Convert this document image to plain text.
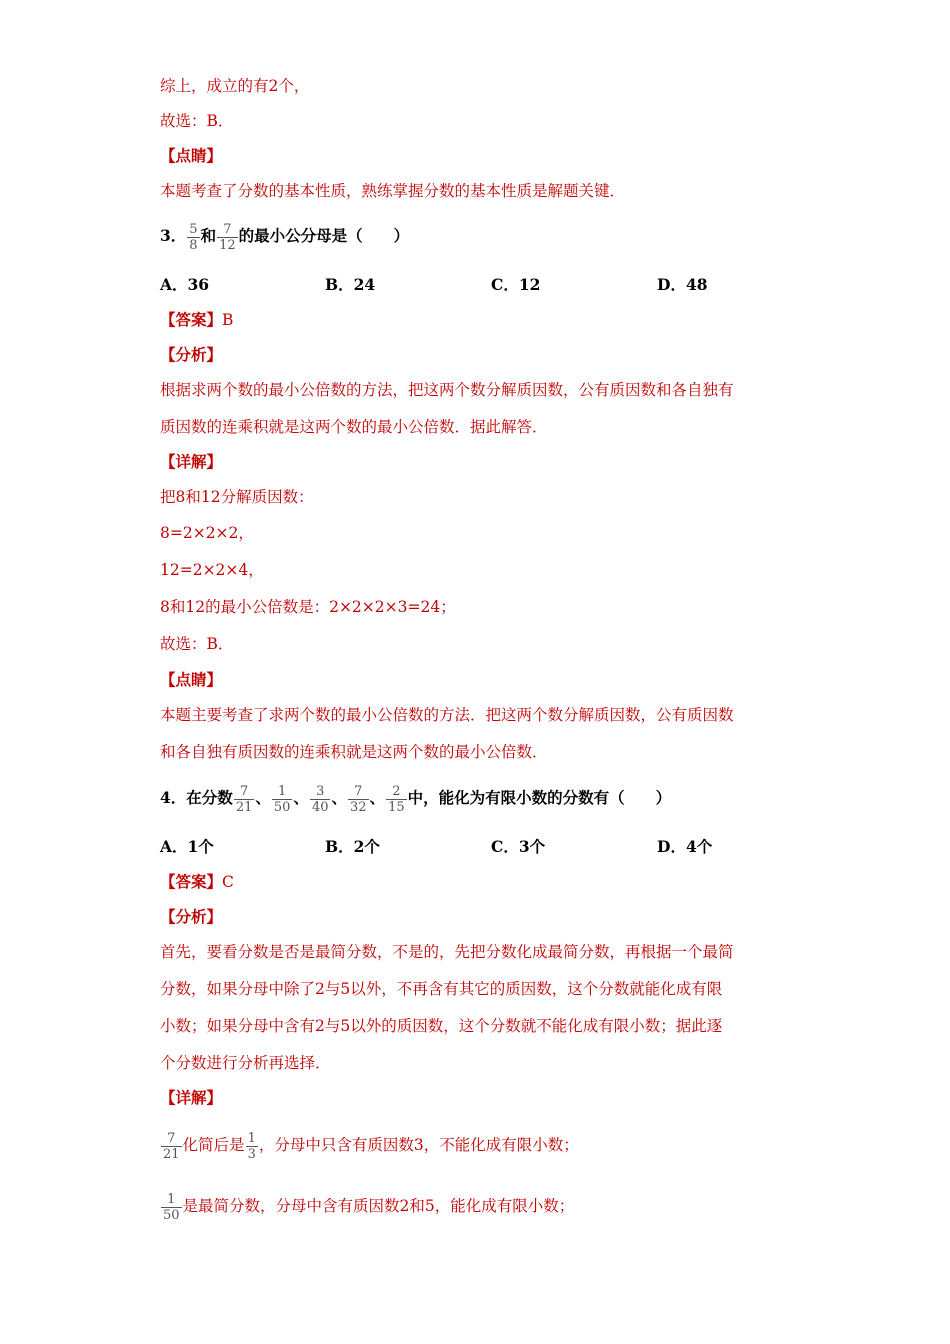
综上，成立的有2个，
故选：B．
【点睛】
本题考查了分数的基本性质，熟练掌握分数的基本性质是解题关键．
3． $\frac{5}{8}$ 和 $\frac{7}{12}$ 的最小公分母是（　　）
A．36	B．24	C．12	D．48
【答案】B
【分析】
根据求两个数的最小公倍数的方法，把这两个数分解质因数，公有质因数和各自独有
质因数的连乘积就是这两个数的最小公倍数．据此解答．
【详解】
把8和12分解质因数：
8=2×2×2，
12=2×2×4，
8和12的最小公倍数是：2×2×2×3=24；
故选：B．
【点睛】
本题主要考查了求两个数的最小公倍数的方法．把这两个数分解质因数，公有质因数
和各自独有质因数的连乘积就是这两个数的最小公倍数．
4．在分数 $\frac{7}{21}$ 、 $\frac{1}{50}$ 、 $\frac{3}{40}$ 、 $\frac{7}{32}$ 、 $\frac{2}{15}$ 中，能化为有限小数的分数有（　　）
A．1个	B．2个	C．3个	D．4个
【答案】C
【分析】
首先，要看分数是否是最简分数，不是的，先把分数化成最简分数，再根据一个最简
分数，如果分母中除了2与5以外，不再含有其它的质因数，这个分数就能化成有限
小数；如果分母中含有2与5以外的质因数，这个分数就不能化成有限小数；据此逐
个分数进行分析再选择．
【详解】
$\frac{7}{21}$ 化简后是 $\frac{1}{3}$ ，分母中只含有质因数3，不能化成有限小数；
$\frac{1}{50}$ 是最简分数，分母中含有质因数2和5，能化成有限小数；
